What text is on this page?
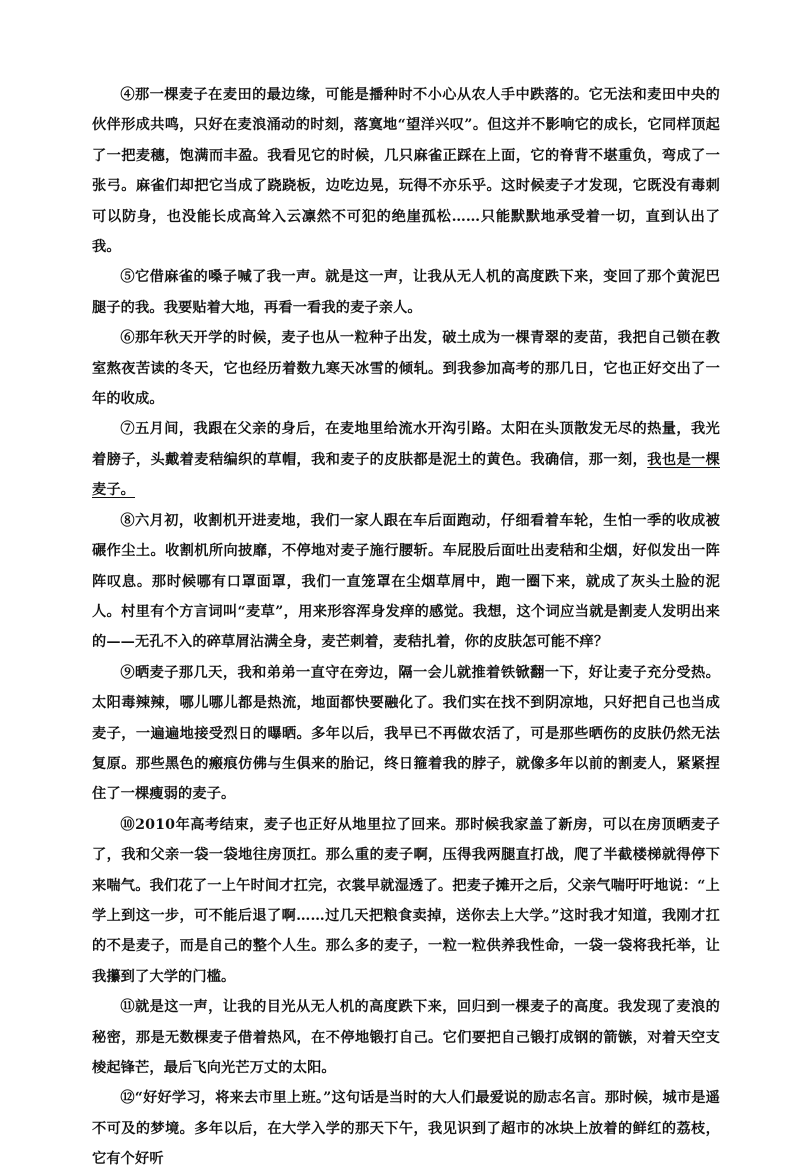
④那一棵麦子在麦田的最边缘，可能是播种时不小心从农人手中跌落的。它无法和麦田中央的伙伴形成共鸣，只好在麦浪涌动的时刻，落寞地“望洋兴叹”。但这并不影响它的成长，它同样顶起了一把麦穗，饱满而丰盈。我看见它的时候，几只麻雀正踩在上面，它的脊背不堪重负，弯成了一张弓。麻雀们却把它当成了跷跷板，边吃边晃，玩得不亦乐乎。这时候麦子才发现，它既没有毒刺可以防身，也没能长成高耸入云凛然不可犯的绝崖孤松……只能默默地承受着一切，直到认出了我。

⑤它借麻雀的嗓子喊了我一声。就是这一声，让我从无人机的高度跌下来，变回了那个黄泥巴腿子的我。我要贴着大地，再看一看我的麦子亲人。

⑥那年秋天开学的时候，麦子也从一粒种子出发，破土成为一棵青翠的麦苗，我把自己锁在教室熬夜苦读的冬天，它也经历着数九寒天冰雪的倾轧。到我参加高考的那几日，它也正好交出了一年的收成。

⑦五月间，我跟在父亲的身后，在麦地里给流水开沟引路。太阳在头顶散发无尽的热量，我光着膀子，头戴着麦秸编织的草帽，我和麦子的皮肤都是泥土的黄色。我确信，那一刻，我也是一棵麦子。

⑧六月初，收割机开进麦地，我们一家人跟在车后面跑动，仔细看着车轮，生怕一季的收成被碾作尘土。收割机所向披靡，不停地对麦子施行腰斩。车屁股后面吐出麦秸和尘烟，好似发出一阵阵叹息。那时候哪有口罩面罩，我们一直笼罩在尘烟草屑中，跑一圈下来，就成了灰头土脸的泥人。村里有个方言词叫“麦草”，用来形容浑身发痒的感觉。我想，这个词应当就是割麦人发明出来的——无孔不入的碎草屑沾满全身，麦芒刺着，麦秸扎着，你的皮肤怎可能不痒？

⑨晒麦子那几天，我和弟弟一直守在旁边，隔一会儿就推着铁锨翻一下，好让麦子充分受热。太阳毒辣辣，哪儿哪儿都是热流，地面都快要融化了。我们实在找不到阴凉地，只好把自己也当成麦子，一遍遍地接受烈日的曝晒。多年以后，我早已不再做农活了，可是那些晒伤的皮肤仍然无法复原。那些黑色的瘢痕仿佛与生俱来的胎记，终日箍着我的脖子，就像多年以前的割麦人，紧紧捏住了一棵瘦弱的麦子。

⑩2010年高考结束，麦子也正好从地里拉了回来。那时候我家盖了新房，可以在房顶晒麦子了，我和父亲一袋一袋地往房顶扛。那么重的麦子啊，压得我两腿直打战，爬了半截楼梯就得停下来喘气。我们花了一上午时间才扛完，衣裳早就湿透了。把麦子摊开之后，父亲气喘吁吁地说：“上学上到这一步，可不能后退了啊……过几天把粮食卖掉，送你去上大学。”这时我才知道，我刚才扛的不是麦子，而是自己的整个人生。那么多的麦子，一粒一粒供养我性命，一袋一袋将我托举，让我攥到了大学的门槛。

⑪就是这一声，让我的目光从无人机的高度跌下来，回归到一棵麦子的高度。我发现了麦浪的秘密，那是无数棵麦子借着热风，在不停地锻打自己。它们要把自己锻打成钢的箭镞，对着天空支棱起锋芒，最后飞向光芒万丈的太阳。

⑫“好好学习，将来去市里上班。”这句话是当时的大人们最爱说的励志名言。那时候，城市是遥不可及的梦境。多年以后，在大学入学的那天下午，我见识到了超市的冰块上放着的鲜红的荔枝，它有个好听
